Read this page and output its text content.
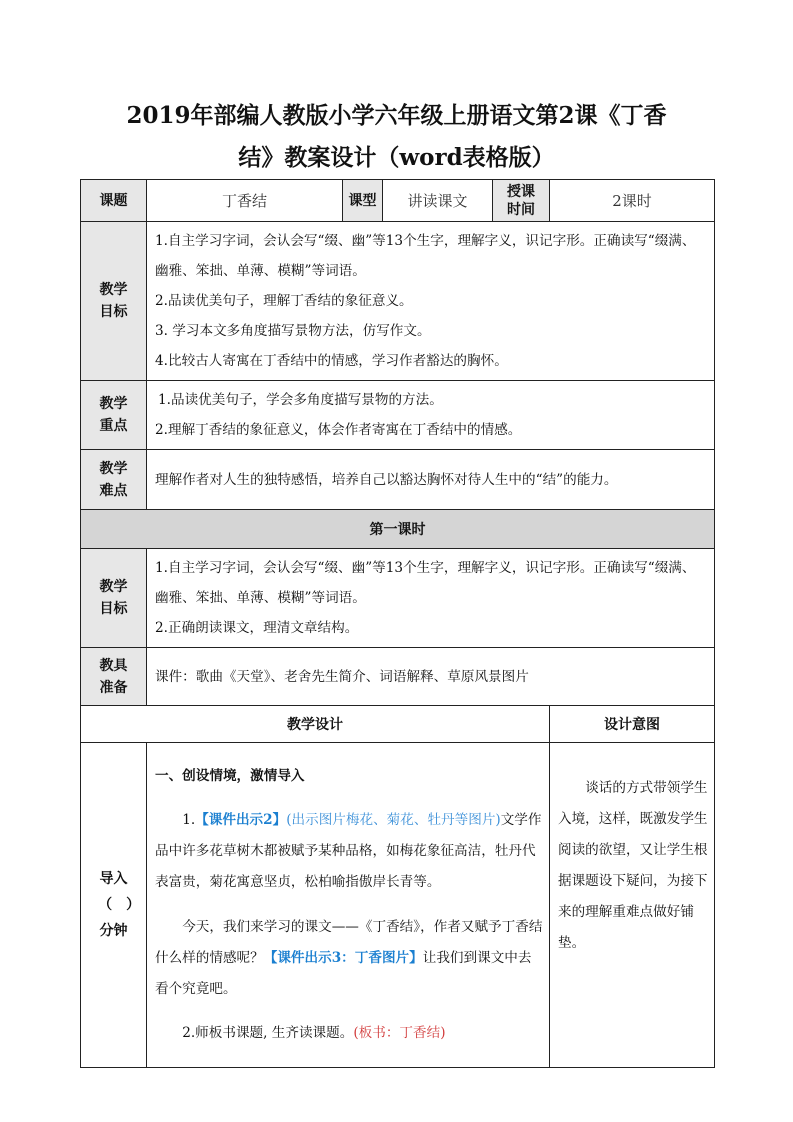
2019年部编人教版小学六年级上册语文第2课《丁香
结》教案设计（word表格版）
课题	丁香结	课型	讲读课文	授课时间	2课时
教学目标	1.自主学习字词，会认会写“缀、幽”等13个生字，理解字义，识记字形。正确读写“缀满、幽雅、笨拙、单薄、模糊”等词语。

2.品读优美句子，理解丁香结的象征意义。

3. 学习本文多角度描写景物方法，仿写作文。

4.比较古人寄寓在丁香结中的情感，学习作者豁达的胸怀。				

教学重点	1.品读优美句子，学会多角度描写景物的方法。

2.理解丁香结的象征意义，体会作者寄寓在丁香结中的情感。				

教学难点	理解作者对人生的独特感悟，培养自己以豁达胸怀对待人生中的“结”的能力。				
第一课时					
教学目标	1.自主学习字词，会认会写“缀、幽”等13个生字，理解字义，识记字形。正确读写“缀满、幽雅、笨拙、单薄、模糊”等词语。

2.正确朗读课文，理清文章结构。				

教具准备	课件：歌曲《天堂》、老舍先生简介、词语解释、草原风景图片				
教学设计					设计意图
导入（　）分钟	一、创设情境，激情导入

1.【课件出示2】(出示图片梅花、菊花、牡丹等图片)文学作品中许多花草树木都被赋予某种品格，如梅花象征高洁，牡丹代表富贵，菊花寓意坚贞，松柏喻指傲岸长青等。

今天，我们来学习的课文——《丁香结》，作者又赋予丁香结什么样的情感呢？【课件出示3：丁香图片】让我们到课文中去看个究竟吧。

2.师板书课题, 生齐读课题。(板书：丁香结)				谈话的方式带领学生入境，这样，既激发学生阅读的欲望，又让学生根据课题设下疑问，为接下来的理解重难点做好铺垫。
